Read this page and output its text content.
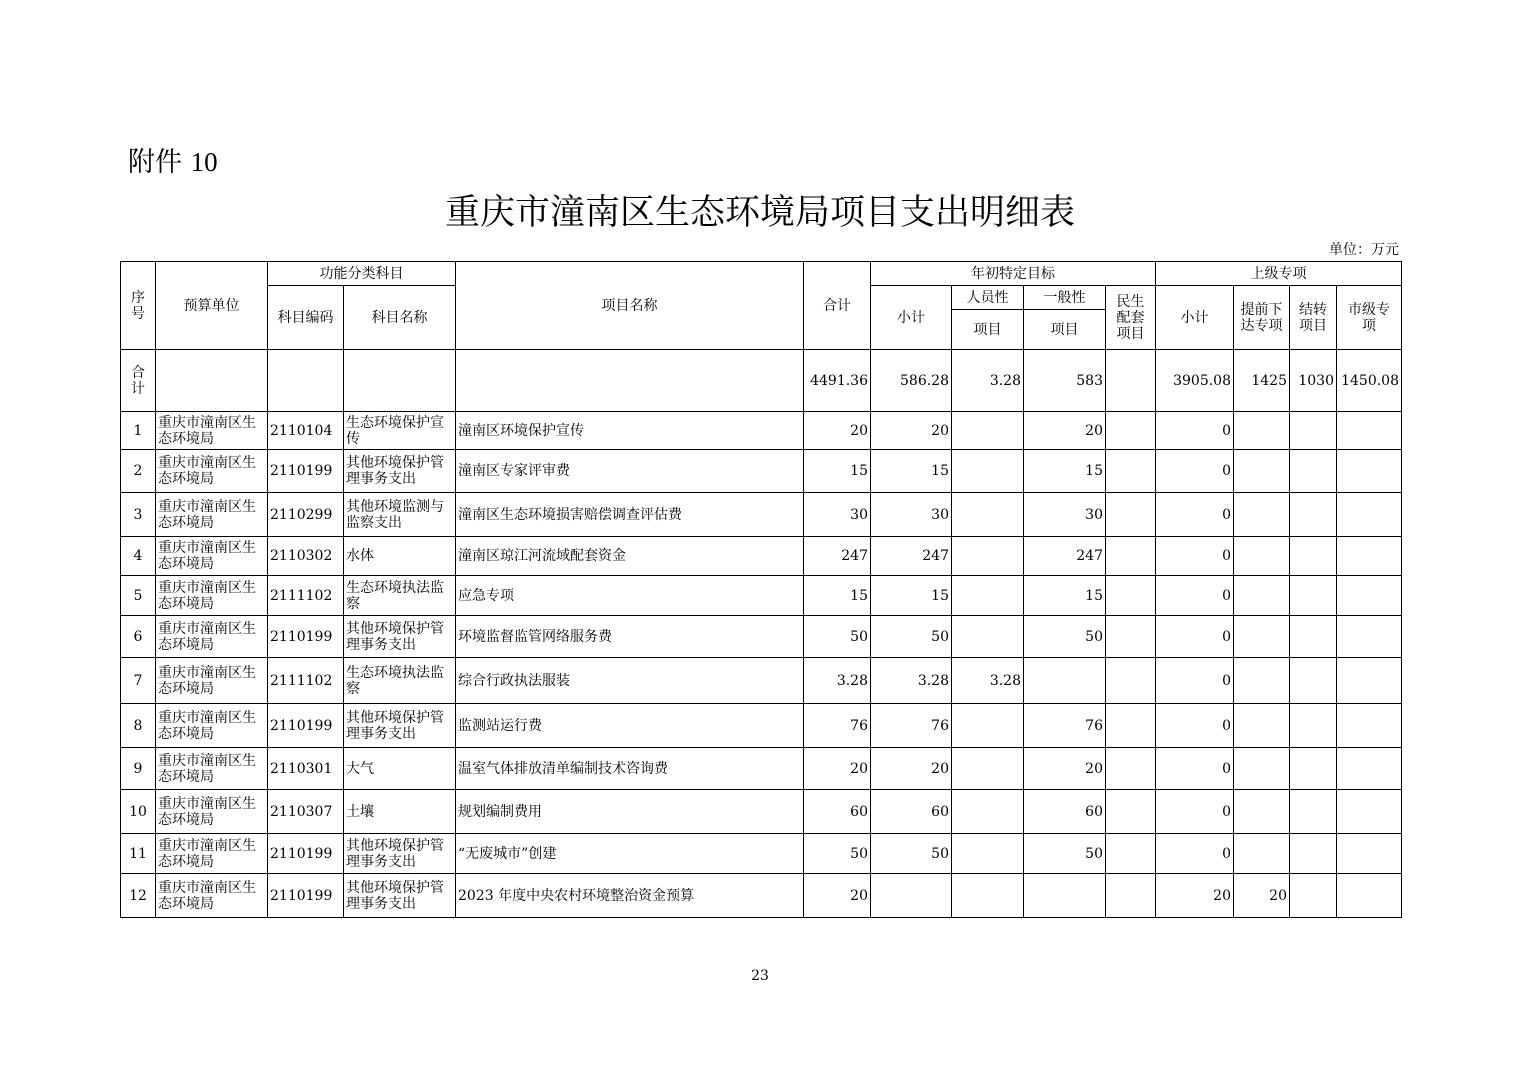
附件 10
重庆市潼南区生态环境局项目支出明细表
单位：万元
序号	预算单位	功能分类科目		项目名称	合计	年初特定目标				上级专项			
		科目编码	科目名称			小计	人员性	一般性	民生配套项目	小计	提前下达专项	结转项目	市级专项
							项目	项目					
合计					4491.36	586.28	3.28	583		3905.08	1425	1030	1450.08
1	重庆市潼南区生态环境局	2110104	生态环境保护宣传	潼南区环境保护宣传	20	20		20		0			
2	重庆市潼南区生态环境局	2110199	其他环境保护管理事务支出	潼南区专家评审费	15	15		15		0			
3	重庆市潼南区生态环境局	2110299	其他环境监测与监察支出	潼南区生态环境损害赔偿调查评估费	30	30		30		0			
4	重庆市潼南区生态环境局	2110302	水体	潼南区琼江河流域配套资金	247	247		247		0			
5	重庆市潼南区生态环境局	2111102	生态环境执法监察	应急专项	15	15		15		0			
6	重庆市潼南区生态环境局	2110199	其他环境保护管理事务支出	环境监督监管网络服务费	50	50		50		0			
7	重庆市潼南区生态环境局	2111102	生态环境执法监察	综合行政执法服装	3.28	3.28	3.28			0			
8	重庆市潼南区生态环境局	2110199	其他环境保护管理事务支出	监测站运行费	76	76		76		0			
9	重庆市潼南区生态环境局	2110301	大气	温室气体排放清单编制技术咨询费	20	20		20		0			
10	重庆市潼南区生态环境局	2110307	土壤	规划编制费用	60	60		60		0			
11	重庆市潼南区生态环境局	2110199	其他环境保护管理事务支出	“无废城市”创建	50	50		50		0			
12	重庆市潼南区生态环境局	2110199	其他环境保护管理事务支出	2023 年度中央农村环境整治资金预算	20					20	20		
23
